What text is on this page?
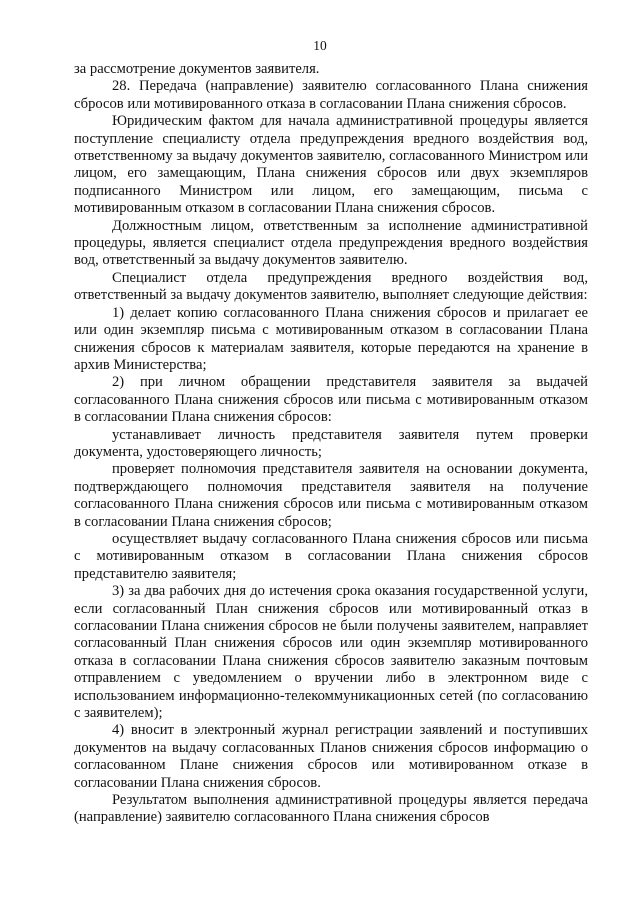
10

за рассмотрение документов заявителя.

28. Передача (направление) заявителю согласованного Плана снижения сбросов или мотивированного отказа в согласовании Плана снижения сбросов.

Юридическим фактом для начала административной процедуры является поступление специалисту отдела предупреждения вредного воздействия вод, ответственному за выдачу документов заявителю, согласованного Министром или лицом, его замещающим, Плана снижения сбросов или двух экземпляров подписанного Министром или лицом, его замещающим, письма с мотивированным отказом в согласовании Плана снижения сбросов.

Должностным лицом, ответственным за исполнение административной процедуры, является специалист отдела предупреждения вредного воздействия вод, ответственный за выдачу документов заявителю.

Специалист отдела предупреждения вредного воздействия вод, ответственный за выдачу документов заявителю, выполняет следующие действия:

1) делает копию согласованного Плана снижения сбросов и прилагает ее или один экземпляр письма с мотивированным отказом в согласовании Плана снижения сбросов к материалам заявителя, которые передаются на хранение в архив Министерства;

2) при личном обращении представителя заявителя за выдачей согласованного Плана снижения сбросов или письма с мотивированным отказом в согласовании Плана снижения сбросов:

устанавливает личность представителя заявителя путем проверки документа, удостоверяющего личность;

проверяет полномочия представителя заявителя на основании документа, подтверждающего полномочия представителя заявителя на получение согласованного Плана снижения сбросов или письма с мотивированным отказом в согласовании Плана снижения сбросов;

осуществляет выдачу согласованного Плана снижения сбросов или письма с мотивированным отказом в согласовании Плана снижения сбросов представителю заявителя;

3) за два рабочих дня до истечения срока оказания государственной услуги, если согласованный План снижения сбросов или мотивированный отказ в согласовании Плана снижения сбросов не были получены заявителем, направляет согласованный План снижения сбросов или один экземпляр мотивированного отказа в согласовании Плана снижения сбросов заявителю заказным почтовым отправлением с уведомлением о вручении либо в электронном виде с использованием информационно-телекоммуникационных сетей (по согласованию с заявителем);

4) вносит в электронный журнал регистрации заявлений и поступивших документов на выдачу согласованных Планов снижения сбросов информацию о согласованном Плане снижения сбросов или мотивированном отказе в согласовании Плана снижения сбросов.

Результатом выполнения административной процедуры является передача (направление) заявителю согласованного Плана снижения сбросов
